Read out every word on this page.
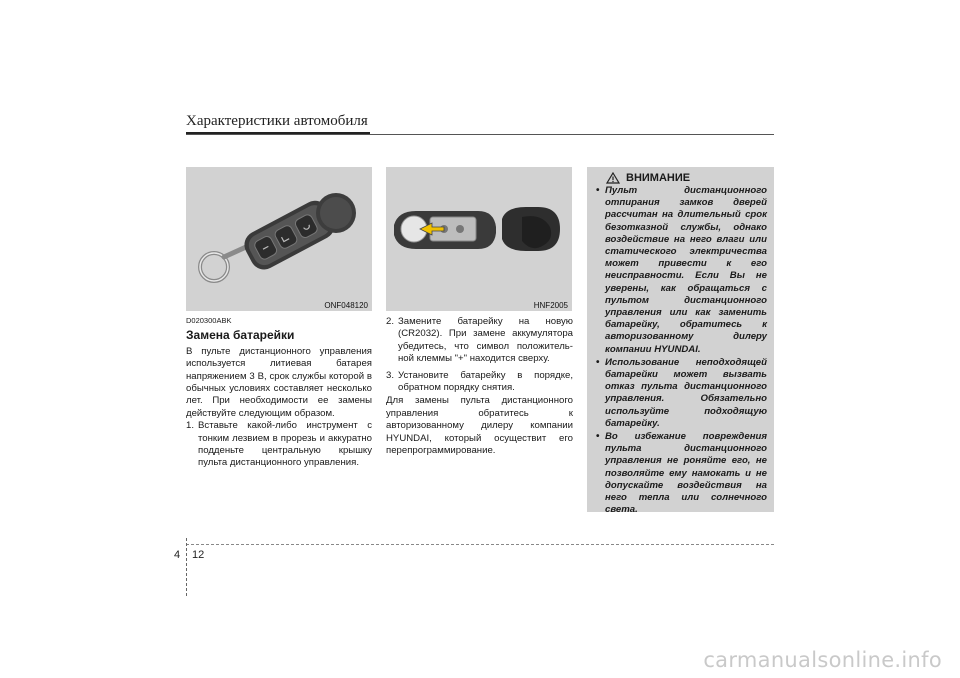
Характеристики автомобиля
ONF048120	HNF2005
D020300ABK
Замена батарейки

В пульте дистанционного управления используется литиевая батарея напряжением 3 В, срок службы которой в обычных условиях составляет несколько лет. При необходимости ее замены действуйте следующим образом.

1. Вставьте какой-либо инструмент с тонким лезвием в прорезь и аккуратно подденьте центральную крышку пульта дистанционного управления.
2. Замените батарейку на новую (CR2032). При замене аккумулятора убедитесь, что символ положитель-ной клеммы "+" находится сверху.
3. Установите батарейку в порядке, обратном порядку снятия.

Для замены пульта дистанционного управления обратитесь к авторизованному дилеру компании HYUNDAI, который осуществит его перепрограммирование.

ВНИМАНИЕ
• Пульт дистанционного отпирания замков дверей рассчитан на длительный срок безотказной службы, однако воздействие на него влаги или статического электричества может привести к его неисправности. Если Вы не уверены, как обращаться с пультом дистанционного управления или как заменить батарейку, обратитесь к авторизованному дилеру компании HYUNDAI.
• Использование неподходящей батарейки может вызвать отказ пульта дистанционного управления. Обязательно используйте подходящую батарейку.
• Во избежание повреждения пульта дистанционного управления не роняйте его, не позволяйте ему намокать и не допускайте воздействия на него тепла или солнечного света.
4 12
carmanualsonline.info
